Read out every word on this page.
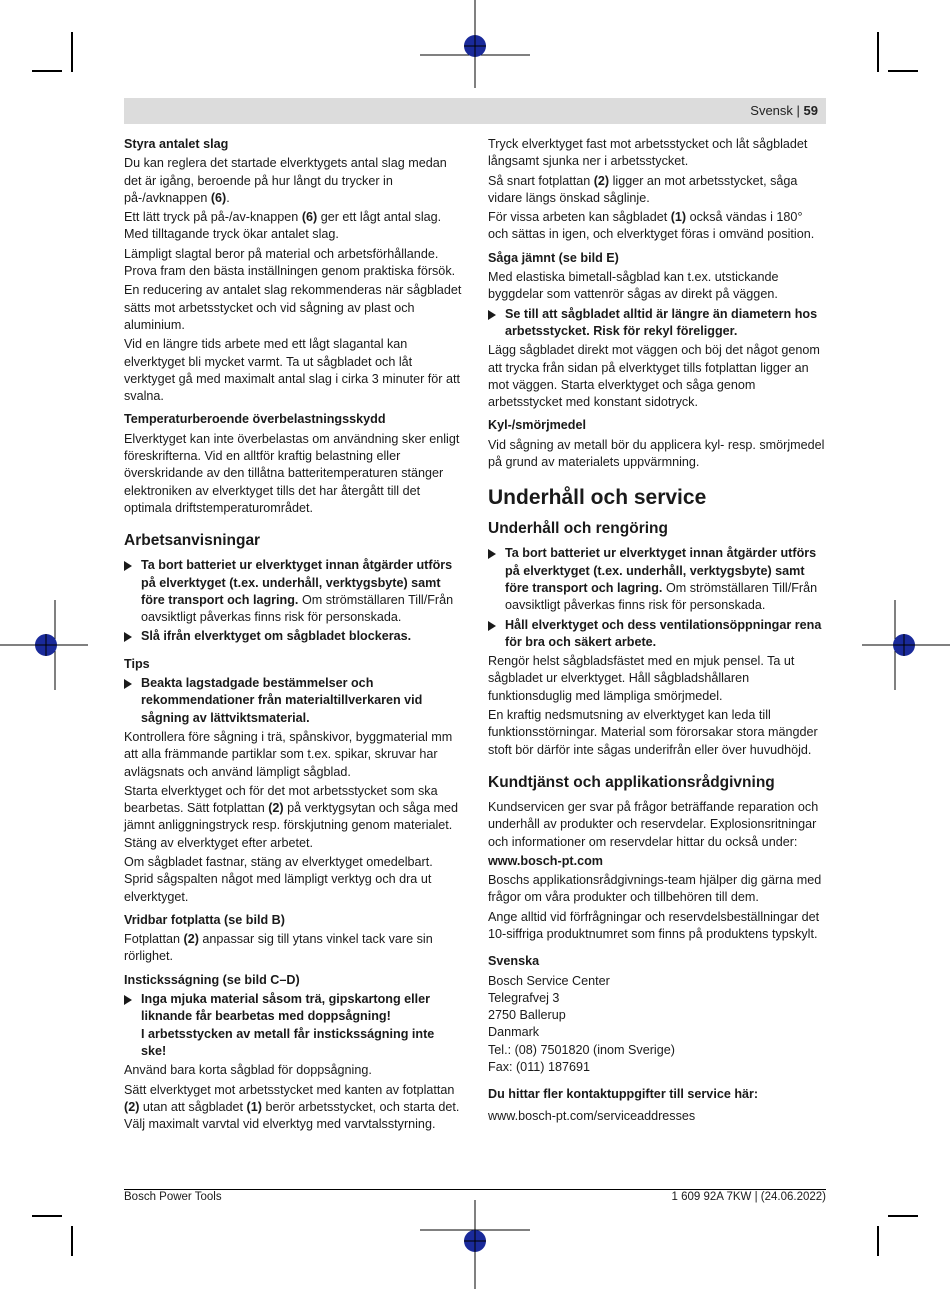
Svensk | 59
Styra antalet slag

Du kan reglera det startade elverktygets antal slag medan det är igång, beroende på hur långt du trycker in på-/avknappen (6).

Ett lätt tryck på på-/av-knappen (6) ger ett lågt antal slag. Med tilltagande tryck ökar antalet slag.

Lämpligt slagtal beror på material och arbetsförhållande. Prova fram den bästa inställningen genom praktiska försök.

En reducering av antalet slag rekommenderas när sågbladet sätts mot arbetsstycket och vid sågning av plast och aluminium.

Vid en längre tids arbete med ett lågt slagantal kan elverktyget bli mycket varmt. Ta ut sågbladet och låt verktyget gå med maximalt antal slag i cirka 3 minuter för att svalna.

Temperaturberoende överbelastningsskydd

Elverktyget kan inte överbelastas om användning sker enligt föreskrifterna. Vid en alltför kraftig belastning eller överskridande av den tillåtna batteritemperaturen stänger elektroniken av elverktyget tills det har återgått till det optimala driftstemperaturområdet.

Arbetsanvisningar
Ta bort batteriet ur elverktyget innan åtgärder utförs på elverktyget (t.ex. underhåll, verktygsbyte) samt före transport och lagring. Om strömställaren Till/Från oavsiktligt påverkas finns risk för personskada.
Slå ifrån elverktyget om sågbladet blockeras.
Tips
Beakta lagstadgade bestämmelser och rekommendationer från materialtillverkaren vid sågning av lättviktsmaterial.

Kontrollera före sågning i trä, spånskivor, byggmaterial mm att alla främmande partiklar som t.ex. spikar, skruvar har avlägsnats och använd lämpligt sågblad.

Starta elverktyget och för det mot arbetsstycket som ska bearbetas. Sätt fotplattan (2) på verktygsytan och såga med jämnt anliggningstryck resp. förskjutning genom materialet. Stäng av elverktyget efter arbetet.

Om sågbladet fastnar, stäng av elverktyget omedelbart. Sprid sågspalten något med lämpligt verktyg och dra ut elverktyget.

Vridbar fotplatta (se bild B)

Fotplattan (2) anpassar sig till ytans vinkel tack vare sin rörlighet.

Insticksságning (se bild C–D)
Inga mjuka material såsom trä, gipskartong eller liknande får bearbetas med doppsågning!
I arbetsstycken av metall får insticksságning inte ske!

Använd bara korta sågblad för doppsågning.

Sätt elverktyget mot arbetsstycket med kanten av fotplattan (2) utan att sågbladet (1) berör arbetsstycket, och starta det. Välj maximalt varvtal vid elverktyg med varvtalsstyrning.

Tryck elverktyget fast mot arbetsstycket och låt sågbladet långsamt sjunka ner i arbetsstycket.

Så snart fotplattan (2) ligger an mot arbetsstycket, såga vidare längs önskad såglinje.

För vissa arbeten kan sågbladet (1) också vändas i 180° och sättas in igen, och elverktyget föras i omvänd position.

Såga jämnt (se bild E)

Med elastiska bimetall-sågblad kan t.ex. utstickande byggdelar som vattenrör sågas av direkt på väggen.

Se till att sågbladet alltid är längre än diametern hos arbetsstycket. Risk för rekyl föreligger.

Lägg sågbladet direkt mot väggen och böj det något genom att trycka från sidan på elverktyget tills fotplattan ligger an mot väggen. Starta elverktyget och såga genom arbetsstycket med konstant sidotryck.

Kyl-/smörjmedel

Vid sågning av metall bör du applicera kyl- resp. smörjmedel på grund av materialets uppvärmning.

Underhåll och service
Underhåll och rengöring
Ta bort batteriet ur elverktyget innan åtgärder utförs på elverktyget (t.ex. underhåll, verktygsbyte) samt före transport och lagring. Om strömställaren Till/Från oavsiktligt påverkas finns risk för personskada.
Håll elverktyget och dess ventilationsöppningar rena för bra och säkert arbete.

Rengör helst sågbladsfästet med en mjuk pensel. Ta ut sågbladet ur elverktyget. Håll sågbladshållaren funktionsduglig med lämpliga smörjmedel.

En kraftig nedsmutsning av elverktyget kan leda till funktionsstörningar. Material som förorsakar stora mängder stoft bör därför inte sågas underifrån eller över huvudhöjd.

Kundtjänst och applikationsrådgivning

Kundservicen ger svar på frågor beträffande reparation och underhåll av produkter och reservdelar. Explosionsritningar och informationer om reservdelar hittar du också under:

www.bosch-pt.com

Boschs applikationsrådgivnings-team hjälper dig gärna med frågor om våra produkter och tillbehören till dem.

Ange alltid vid förfrågningar och reservdelsbeställningar det 10-siffriga produktnumret som finns på produktens typskylt.

Svenska
Bosch Service Center
Telegrafvej 3
2750 Ballerup
Danmark
Tel.: (08) 7501820 (inom Sverige)
Fax: (011) 187691
Du hittar fler kontaktuppgifter till service här:

www.bosch-pt.com/serviceaddresses

Bosch Power Tools	1 609 92A 7KW | (24.06.2022)
